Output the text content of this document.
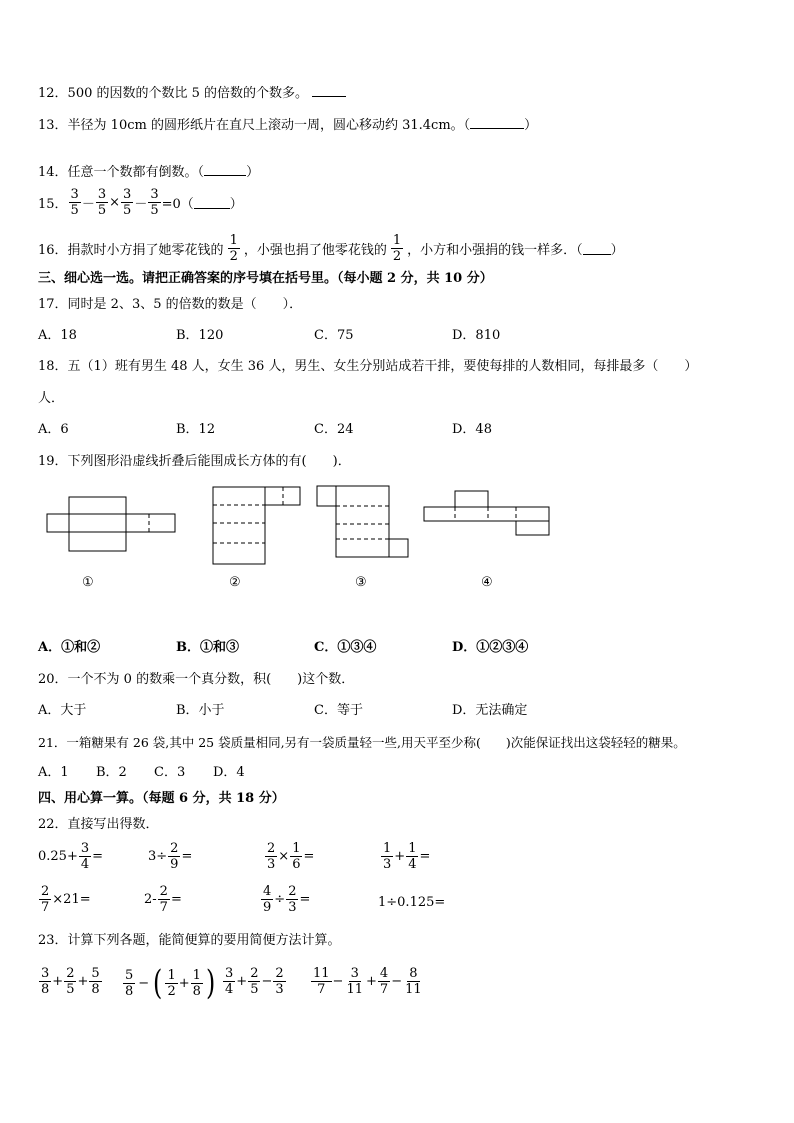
12．500 的因数的个数比 5 的倍数的个数多。
13．半径为 10cm 的圆形纸片在直尺上滚动一周，圆心移动约 31.4cm。（	）
14．任意一个数都有倒数。（	）
15． $\frac{3}{5} - \frac{3}{5} \times \frac{3}{5} - \frac{3}{5} =0$（	）
16． 捐款时小方捐了她零花钱的 $\frac{1}{2}$ ，小强也捐了他零花钱的 $\frac{1}{2}$ ，小方和小强捐的钱一样多．（ ）
三、细心选一选。请把正确答案的序号填在括号里。（每小题 2 分，共 10 分）
17．同时是 2、3、5 的倍数的数是（　　）．
A．18	B．120	C．75	D．810
18．五（1）班有男生 48 人，女生 36 人，男生、女生分别站成若干排，要使每排的人数相同，每排最多（　　）
人．
A．6	B．12	C．24	D．48
19．下列图形沿虚线折叠后能围成长方体的有(　　)．
①	②	③	④
A．①和②	B．①和③	C．①③④	D．①②③④
20．一个不为 0 的数乘一个真分数，积(　　)这个数．
A．大于	B．小于	C．等于	D．无法确定
21．一箱糖果有 26 袋,其中 25 袋质量相同,另有一袋质量轻一些,用天平至少称(　　)次能保证找出这袋轻轻的糖果。
A．1 B．2 C．3 D．4
四、用心算一算。（每题 6 分，共 18 分）
22．直接写出得数．
$0.25+ \frac{3}{4}$ =	$3\div \frac{2}{9}$ =	$\frac{2}{3} \times \frac{1}{6}$ =	$\frac{1}{3} + \frac{1}{4}$ =
$\frac{2}{7} \times 21=$	$2- \frac{2}{7}$ =	$\frac{4}{9} \div \frac{2}{3}$ =	1÷0.125=
23．计算下列各题，能简便算的要用简便方法计算。
$\frac{3}{8} + \frac{2}{5} + \frac{5}{8} \frac{5}{8}$ − ( $\frac{1}{2} + \frac{1}{8}$ ) $\frac{3}{4} + \frac{2}{5} - \frac{2}{3} \frac{11}{7} - \frac{3}{11} + \frac{4}{7} - \frac{8}{11}$
